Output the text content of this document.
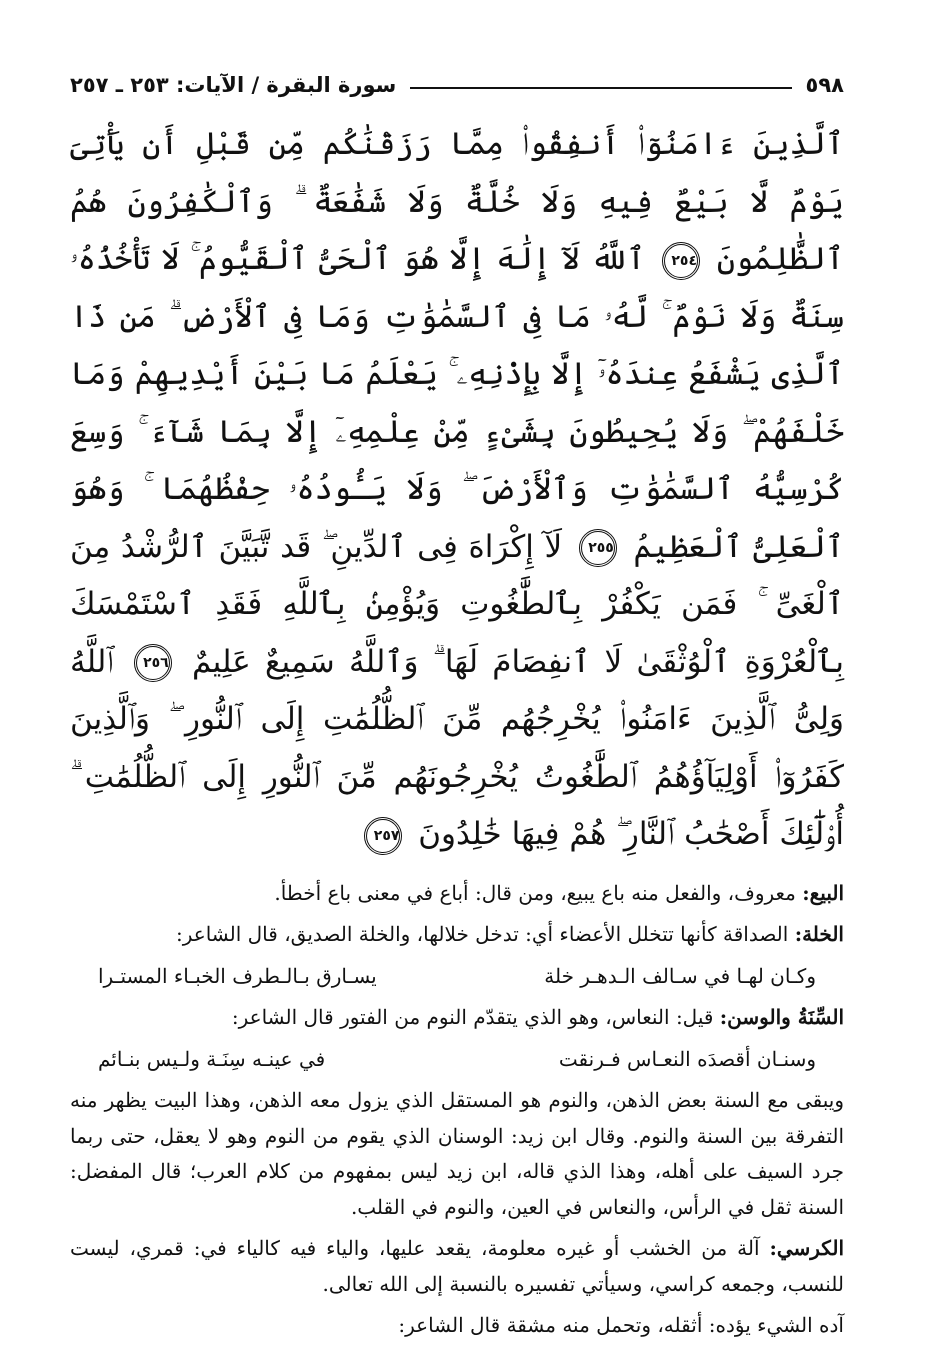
٥٩٨
سورة البقرة / الآيات: ٢٥٣ ـ ٢٥٧
ٱلَّذِينَ ءَامَنُوٓا۟ أَنفِقُوا۟ مِمَّا رَزَقْنَٰكُم مِّن قَبْلِ أَن يَأْتِىَ يَوْمٌ لَّا بَيْعٌ فِيهِ وَلَا خُلَّةٌ وَلَا شَفَٰعَةٌ ۗ وَٱلْكَٰفِرُونَ هُمُ ٱلظَّٰلِمُونَ ٢٥٤ ٱللَّهُ لَآ إِلَٰهَ إِلَّا هُوَ ٱلْحَىُّ ٱلْقَيُّومُ ۚ لَا تَأْخُذُهُۥ سِنَةٌ وَلَا نَوْمٌ ۚ لَّهُۥ مَا فِى ٱلسَّمَٰوَٰتِ وَمَا فِى ٱلْأَرْضِ ۗ مَن ذَا ٱلَّذِى يَشْفَعُ عِندَهُۥٓ إِلَّا بِإِذْنِهِۦ ۚ يَعْلَمُ مَا بَيْنَ أَيْدِيهِمْ وَمَا خَلْفَهُمْ ۖ وَلَا يُحِيطُونَ بِشَىْءٍ مِّنْ عِلْمِهِۦٓ إِلَّا بِمَا شَآءَ ۚ وَسِعَ كُرْسِيُّهُ ٱلسَّمَٰوَٰتِ وَٱلْأَرْضَ ۖ وَلَا يَـُٔودُهُۥ حِفْظُهُمَا ۚ وَهُوَ ٱلْعَلِىُّ ٱلْعَظِيمُ ٢٥٥ لَآ إِكْرَاهَ فِى ٱلدِّينِ ۖ قَد تَّبَيَّنَ ٱلرُّشْدُ مِنَ ٱلْغَىِّ ۚ فَمَن يَكْفُرْ بِٱلطَّٰغُوتِ وَيُؤْمِنۢ بِٱللَّهِ فَقَدِ ٱسْتَمْسَكَ بِٱلْعُرْوَةِ ٱلْوُثْقَىٰ لَا ٱنفِصَامَ لَهَا ۗ وَٱللَّهُ سَمِيعٌ عَلِيمٌ ٢٥٦ ٱللَّهُ وَلِىُّ ٱلَّذِينَ ءَامَنُوا۟ يُخْرِجُهُم مِّنَ ٱلظُّلُمَٰتِ إِلَى ٱلنُّورِ ۖ وَٱلَّذِينَ كَفَرُوٓا۟ أَوْلِيَآؤُهُمُ ٱلطَّٰغُوتُ يُخْرِجُونَهُم مِّنَ ٱلنُّورِ إِلَى ٱلظُّلُمَٰتِ ۗ أُو۟لَٰٓئِكَ أَصْحَٰبُ ٱلنَّارِ ۖ هُمْ فِيهَا خَٰلِدُونَ ٢٥٧

البيع: معروف، والفعل منه باع يبيع، ومن قال: أباع في معنى باع أخطأ.

الخلة: الصداقة كأنها تتخلل الأعضاء أي: تدخل خلالها، والخلة الصديق، قال الشاعر:

وكـان لهـا في سـالف الـدهـر خلة
يسـارق بـالـطرف الخبـاء المستـرا

السِّنَةُ والوسن: قيل: النعاس، وهو الذي يتقدّم النوم من الفتور قال الشاعر:

وسنـان أقصدَه النعـاس فـرنقت
في عينـه سِنَـة ولـيس بنـائم

ويبقى مع السنة بعض الذهن، والنوم هو المستقل الذي يزول معه الذهن، وهذا البيت يظهر منه التفرقة بين السنة والنوم. وقال ابن زيد: الوسنان الذي يقوم من النوم وهو لا يعقل، حتى ربما جرد السيف على أهله، وهذا الذي قاله، ابن زيد ليس بمفهوم من كلام العرب؛ قال المفضل: السنة ثقل في الرأس، والنعاس في العين، والنوم في القلب.

الكرسي: آلة من الخشب أو غيره معلومة، يقعد عليها، والياء فيه كالياء في: قمري، ليست للنسب، وجمعه كراسي، وسيأتي تفسيره بالنسبة إلى الله تعالى.

آده الشيء يؤده: أثقله، وتحمل منه مشقة قال الشاعر:
